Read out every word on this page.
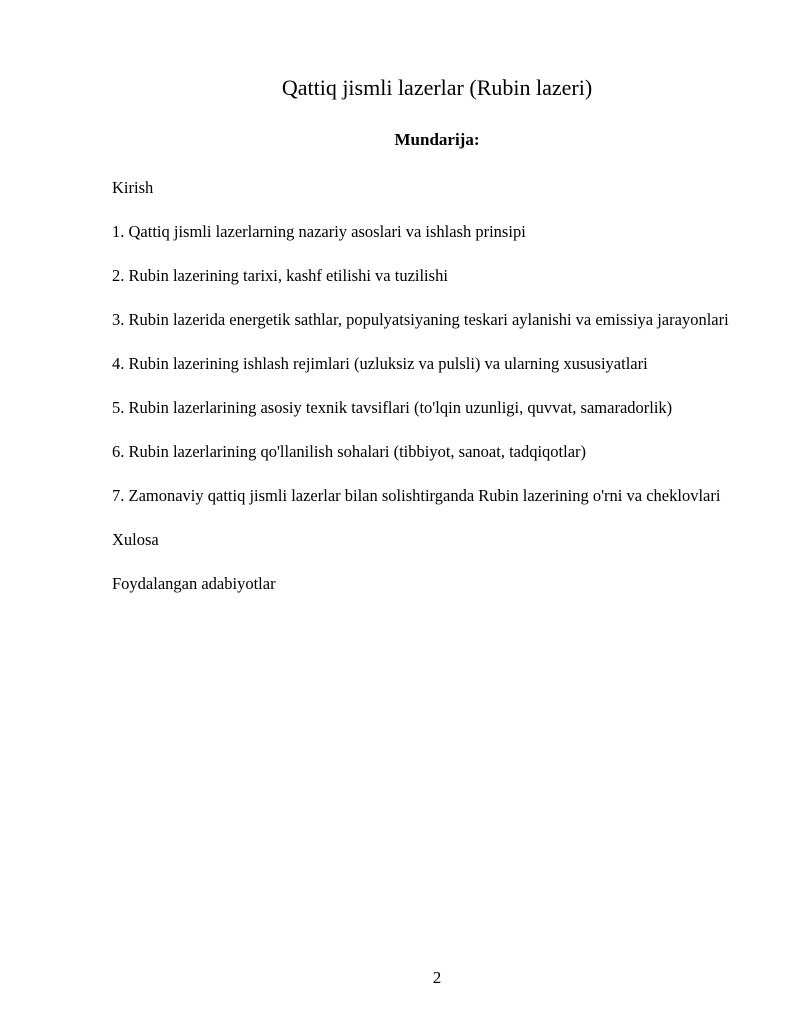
Qattiq jismli lazerlar (Rubin lazeri)
Mundarija:
Kirish
1. Qattiq jismli lazerlarning nazariy asoslari va ishlash prinsipi
2. Rubin lazerining tarixi, kashf etilishi va tuzilishi
3. Rubin lazerida energetik sathlar, populyatsiyaning teskari aylanishi va emissiya jarayonlari
4. Rubin lazerining ishlash rejimlari (uzluksiz va pulsli) va ularning xususiyatlari
5. Rubin lazerlarining asosiy texnik tavsiflari (to'lqin uzunligi, quvvat, samaradorlik)
6. Rubin lazerlarining qo'llanilish sohalari (tibbiyot, sanoat, tadqiqotlar)
7. Zamonaviy qattiq jismli lazerlar bilan solishtirganda Rubin lazerining o'rni va cheklovlari
Xulosa
Foydalangan adabiyotlar
2
